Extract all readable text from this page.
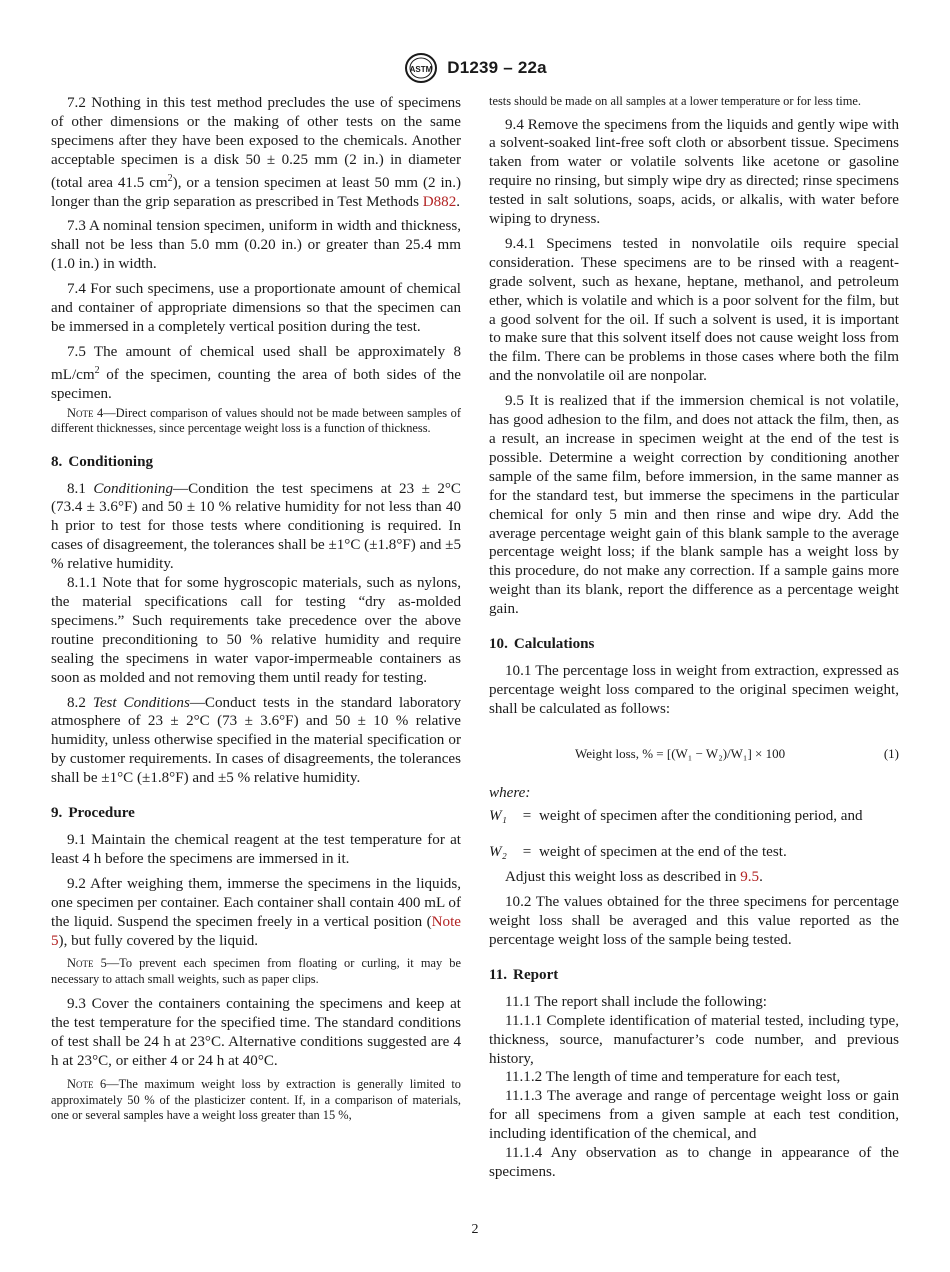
ASTM D1239 – 22a

7.2 Nothing in this test method precludes the use of specimens of other dimensions or the making of other tests on the same specimens after they have been exposed to the chemicals. Another acceptable specimen is a disk 50 ± 0.25 mm (2 in.) in diameter (total area 41.5 $cm^2$), or a tension specimen at least 50 mm (2 in.) longer than the grip separation as prescribed in Test Methods D882.

7.3 A nominal tension specimen, uniform in width and thickness, shall not be less than 5.0 mm (0.20 in.) or greater than 25.4 mm (1.0 in.) in width.

7.4 For such specimens, use a proportionate amount of chemical and container of appropriate dimensions so that the specimen can be immersed in a completely vertical position during the test.

7.5 The amount of chemical used shall be approximately 8 $mL/cm^2$ of the specimen, counting the area of both sides of the specimen.

Note 4—Direct comparison of values should not be made between samples of different thicknesses, since percentage weight loss is a function of thickness.
8. Conditioning

8.1 Conditioning—Condition the test specimens at 23 ± 2°C (73.4 ± 3.6°F) and 50 ± 10 % relative humidity for not less than 40 h prior to test for those tests where conditioning is required. In cases of disagreement, the tolerances shall be ±1°C (±1.8°F) and ±5 % relative humidity.

8.1.1 Note that for some hygroscopic materials, such as nylons, the material specifications call for testing “dry as-molded specimens.” Such requirements take precedence over the above routine preconditioning to 50 % relative humidity and require sealing the specimens in water vapor-impermeable containers as soon as molded and not removing them until ready for testing.

8.2 Test Conditions—Conduct tests in the standard laboratory atmosphere of 23 ± 2°C (73 ± 3.6°F) and 50 ± 10 % relative humidity, unless otherwise specified in the material specification or by customer requirements. In cases of disagreements, the tolerances shall be ±1°C (±1.8°F) and ±5 % relative humidity.

9. Procedure

9.1 Maintain the chemical reagent at the test temperature for at least 4 h before the specimens are immersed in it.

9.2 After weighing them, immerse the specimens in the liquids, one specimen per container. Each container shall contain 400 mL of the liquid. Suspend the specimen freely in a vertical position (Note 5), but fully covered by the liquid.

Note 5—To prevent each specimen from floating or curling, it may be necessary to attach small weights, such as paper clips.

9.3 Cover the containers containing the specimens and keep at the test temperature for the specified time. The standard conditions of test shall be 24 h at 23°C. Alternative conditions suggested are 4 h at 23°C, or either 4 or 24 h at 40°C.

Note 6—The maximum weight loss by extraction is generally limited to approximately 50 % of the plasticizer content. If, in a comparison of materials, one or several samples have a weight loss greater than 15 %,
tests should be made on all samples at a lower temperature or for less time.

9.4 Remove the specimens from the liquids and gently wipe with a solvent-soaked lint-free soft cloth or absorbent tissue. Specimens taken from water or volatile solvents like acetone or gasoline require no rinsing, but simply wipe dry as directed; rinse specimens tested in salt solutions, soaps, acids, or alkalis, with water before wiping to dryness.

9.4.1 Specimens tested in nonvolatile oils require special consideration. These specimens are to be rinsed with a reagent-grade solvent, such as hexane, heptane, methanol, and petroleum ether, which is volatile and which is a poor solvent for the film, but a good solvent for the oil. If such a solvent is used, it is important to make sure that this solvent itself does not cause weight loss from the film. There can be problems in those cases where both the film and the nonvolatile oil are nonpolar.

9.5 It is realized that if the immersion chemical is not volatile, has good adhesion to the film, and does not attack the film, then, as a result, an increase in specimen weight at the end of the test is possible. Determine a weight correction by conditioning another sample of the same film, before immersion, in the same manner as for the standard test, but immerse the specimens in the particular chemical for only 5 min and then rinse and wipe dry. Add the average percentage weight gain of this blank sample to the average percentage weight loss; if the blank sample has a weight loss by this procedure, do not make any correction. If a sample gains more weight than its blank, report the difference as a percentage weight gain.

10. Calculations

10.1 The percentage loss in weight from extraction, expressed as percentage weight loss compared to the original specimen weight, shall be calculated as follows:

Weight loss, % = [(W₁ − W₂)/W₁] × 100	(1)
where:
W₁	= weight of specimen after the conditioning period, and
W₂	= weight of specimen at the end of the test.

Adjust this weight loss as described in 9.5.

10.2 The values obtained for the three specimens for percentage weight loss shall be averaged and this value reported as the percentage weight loss of the sample being tested.

11. Report

11.1 The report shall include the following:

11.1.1 Complete identification of material tested, including type, thickness, source, manufacturer’s code number, and previous history,

11.1.2 The length of time and temperature for each test,

11.1.3 The average and range of percentage weight loss or gain for all specimens from a given sample at each test condition, including identification of the chemical, and

11.1.4 Any observation as to change in appearance of the specimens.

2
